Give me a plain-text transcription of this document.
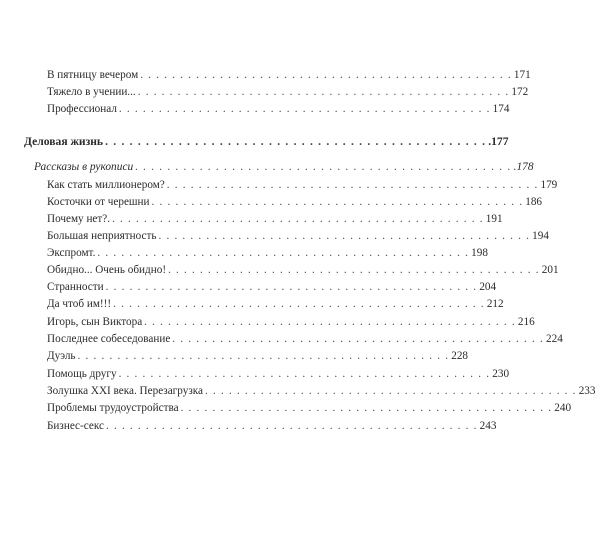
В пятницу вечером . . . . . . . . . . . . . . . . . . . . . . . . . . . . . . . . . . . . . . . . . . . . . . . 171
Тяжело в учении... . . . . . . . . . . . . . . . . . . . . . . . . . . . . . . . . . . . . . . . . . . . . . . . 172
Профессионал . . . . . . . . . . . . . . . . . . . . . . . . . . . . . . . . . . . . . . . . . . . . . . . 174
Деловая жизнь . . . . . . . . . . . . . . . . . . . . . . . . . . . . . . . . . . . . . . . . . . . . . . . .177
Рассказы в рукописи . . . . . . . . . . . . . . . . . . . . . . . . . . . . . . . . . . . . . . . . . . . . . . . .178
Как стать миллионером? . . . . . . . . . . . . . . . . . . . . . . . . . . . . . . . . . . . . . . . . . . . . . . . 179
Косточки от черешни . . . . . . . . . . . . . . . . . . . . . . . . . . . . . . . . . . . . . . . . . . . . . . . 186
Почему нет?. . . . . . . . . . . . . . . . . . . . . . . . . . . . . . . . . . . . . . . . . . . . . . . . 191
Большая неприятность . . . . . . . . . . . . . . . . . . . . . . . . . . . . . . . . . . . . . . . . . . . . . . . 194
Экспромт. . . . . . . . . . . . . . . . . . . . . . . . . . . . . . . . . . . . . . . . . . . . . . . . 198
Обидно... Очень обидно! . . . . . . . . . . . . . . . . . . . . . . . . . . . . . . . . . . . . . . . . . . . . . . . 201
Странности . . . . . . . . . . . . . . . . . . . . . . . . . . . . . . . . . . . . . . . . . . . . . . . 204
Да чтоб им!!! . . . . . . . . . . . . . . . . . . . . . . . . . . . . . . . . . . . . . . . . . . . . . . . 212
Игорь, сын Виктора . . . . . . . . . . . . . . . . . . . . . . . . . . . . . . . . . . . . . . . . . . . . . . . 216
Последнее собеседование . . . . . . . . . . . . . . . . . . . . . . . . . . . . . . . . . . . . . . . . . . . . . . . 224
Дуэль . . . . . . . . . . . . . . . . . . . . . . . . . . . . . . . . . . . . . . . . . . . . . . . 228
Помощь другу . . . . . . . . . . . . . . . . . . . . . . . . . . . . . . . . . . . . . . . . . . . . . . . 230
Золушка XXI века. Перезагрузка . . . . . . . . . . . . . . . . . . . . . . . . . . . . . . . . . . . . . . . . . . . . . . . 233
Проблемы трудоустройства . . . . . . . . . . . . . . . . . . . . . . . . . . . . . . . . . . . . . . . . . . . . . . . 240
Бизнес-секс . . . . . . . . . . . . . . . . . . . . . . . . . . . . . . . . . . . . . . . . . . . . . . . 243
